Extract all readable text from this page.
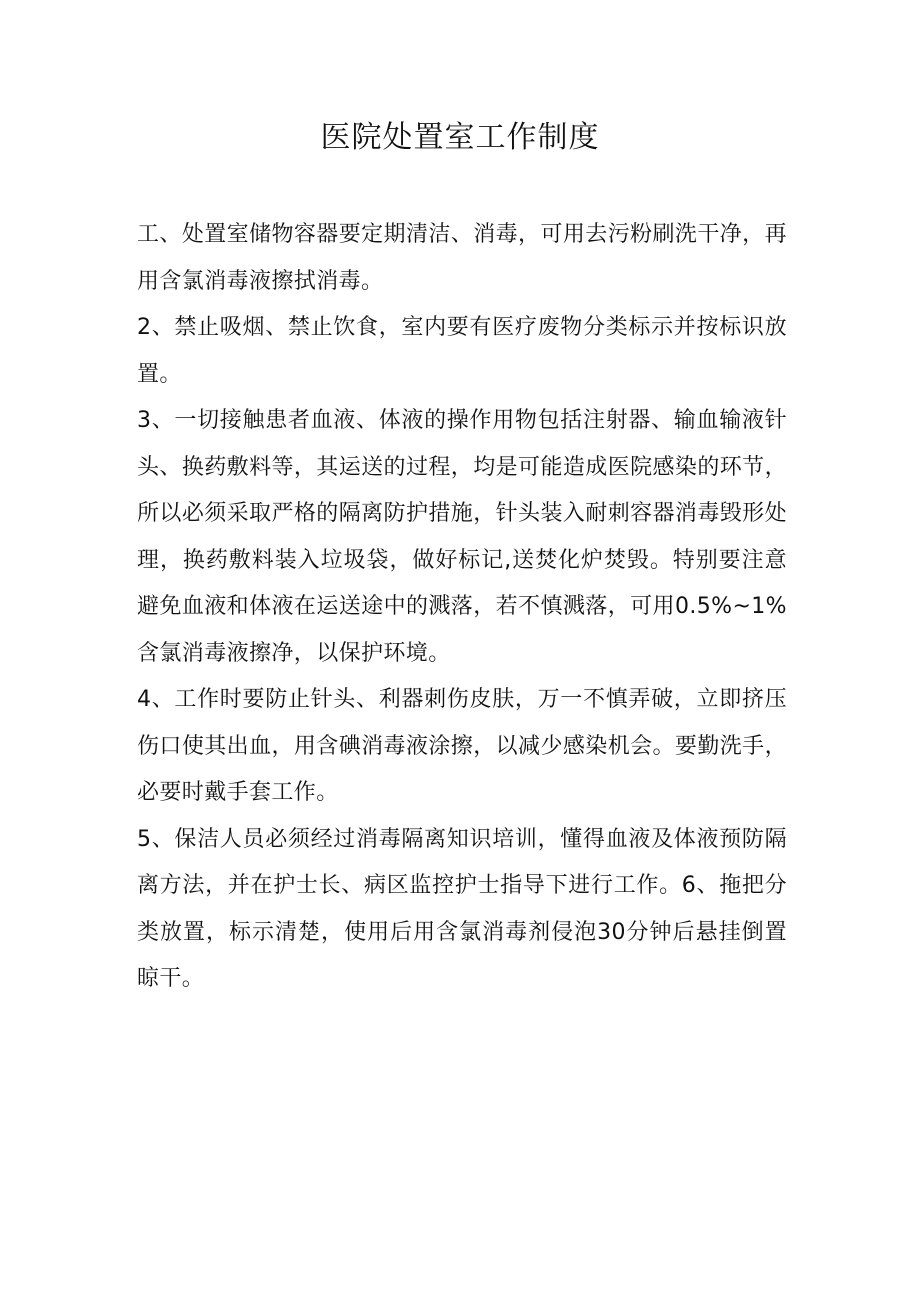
医院处置室工作制度

工、处置室储物容器要定期清洁、消毒，可用去污粉刷洗干净，再用含氯消毒液擦拭消毒。

2、禁止吸烟、禁止饮食，室内要有医疗废物分类标示并按标识放置。

3、一切接触患者血液、体液的操作用物包括注射器、输血输液针头、换药敷料等，其运送的过程，均是可能造成医院感染的环节，所以必须采取严格的隔离防护措施，针头装入耐刺容器消毒毁形处理，换药敷料装入垃圾袋，做好标记,送焚化炉焚毁。特别要注意避免血液和体液在运送途中的溅落，若不慎溅落，可用0.5%~1%含氯消毒液擦净，以保护环境。

4、工作时要防止针头、利器刺伤皮肤，万一不慎弄破，立即挤压伤口使其出血，用含碘消毒液涂擦，以减少感染机会。要勤洗手，必要时戴手套工作。

5、保洁人员必须经过消毒隔离知识培训，懂得血液及体液预防隔离方法，并在护士长、病区监控护士指导下进行工作。6、拖把分类放置，标示清楚，使用后用含氯消毒剂侵泡30分钟后悬挂倒置晾干。
